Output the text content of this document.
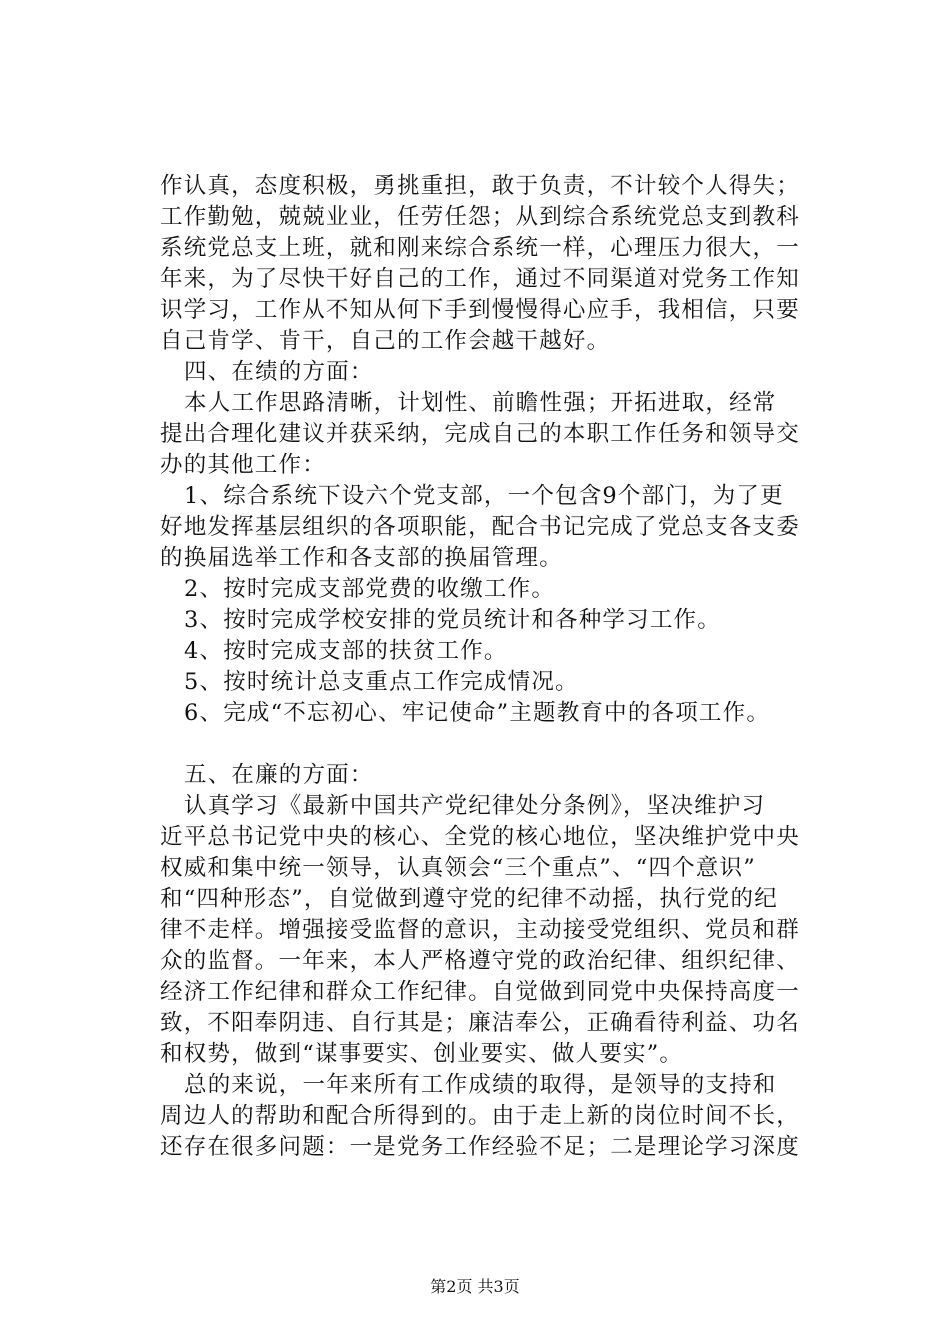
作认真，态度积极，勇挑重担，敢于负责，不计较个人得失；
工作勤勉，兢兢业业，任劳任怨；从到综合系统党总支到教科
系统党总支上班，就和刚来综合系统一样，心理压力很大，一
年来，为了尽快干好自己的工作，通过不同渠道对党务工作知
识学习，工作从不知从何下手到慢慢得心应手，我相信，只要
自己肯学、肯干，自己的工作会越干越好。
四、在绩的方面：
本人工作思路清晰，计划性、前瞻性强；开拓进取，经常
提出合理化建议并获采纳，完成自己的本职工作任务和领导交
办的其他工作：
1、综合系统下设六个党支部，一个包含9个部门，为了更
好地发挥基层组织的各项职能，配合书记完成了党总支各支委
的换届选举工作和各支部的换届管理。
2、按时完成支部党费的收缴工作。
3、按时完成学校安排的党员统计和各种学习工作。
4、按时完成支部的扶贫工作。
5、按时统计总支重点工作完成情况。
6、完成“不忘初心、牢记使命”主题教育中的各项工作。
五、在廉的方面：
认真学习《最新中国共产党纪律处分条例》，坚决维护习
近平总书记党中央的核心、全党的核心地位，坚决维护党中央
权威和集中统一领导，认真领会“三个重点”、“四个意识”
和“四种形态”，自觉做到遵守党的纪律不动摇，执行党的纪
律不走样。增强接受监督的意识，主动接受党组织、党员和群
众的监督。一年来，本人严格遵守党的政治纪律、组织纪律、
经济工作纪律和群众工作纪律。自觉做到同党中央保持高度一
致，不阳奉阴违、自行其是；廉洁奉公，正确看待利益、功名
和权势，做到“谋事要实、创业要实、做人要实”。
总的来说，一年来所有工作成绩的取得，是领导的支持和
周边人的帮助和配合所得到的。由于走上新的岗位时间不长，
还存在很多问题：一是党务工作经验不足；二是理论学习深度
第2页 共3页
